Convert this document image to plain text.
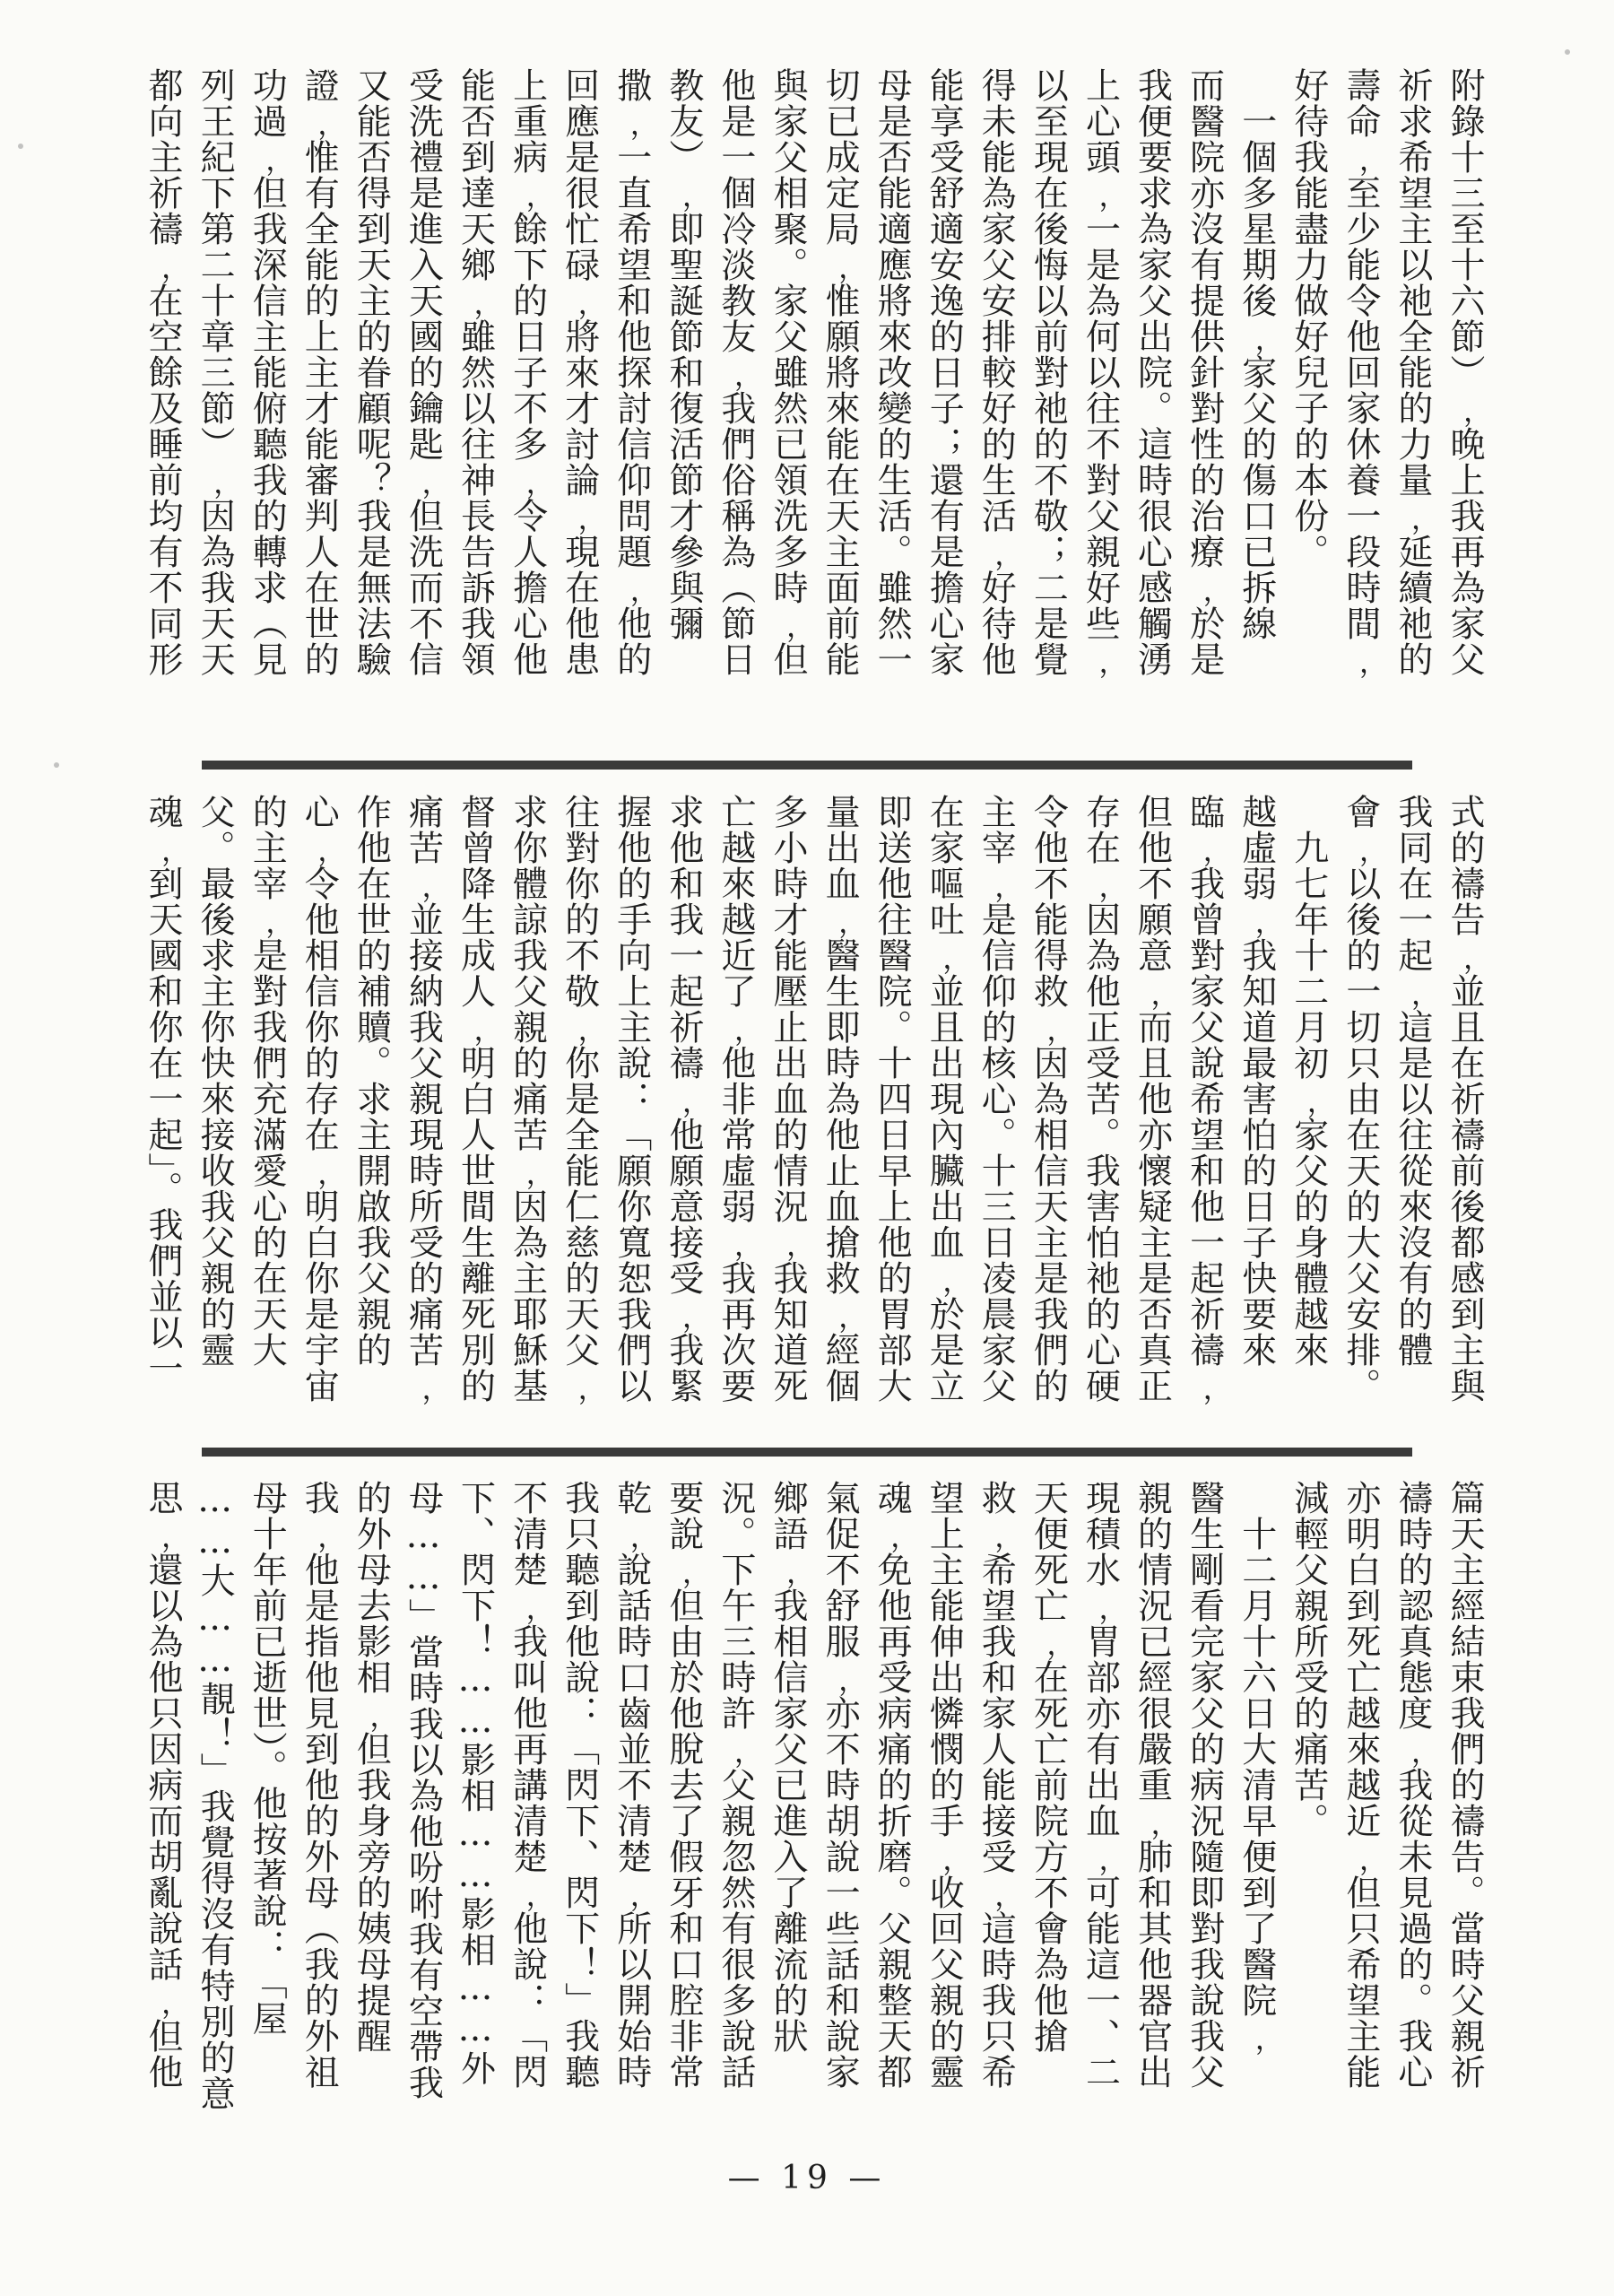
附錄十三至十六節）﹐晚上我再為家父
祈求希望主以祂全能的力量﹐延續祂的
壽命﹐至少能令他回家休養一段時間﹐
好待我能盡力做好兒子的本份。
　一個多星期後﹐家父的傷口已拆線
而醫院亦沒有提供針對性的治療﹐於是
我便要求為家父出院。這時很心感觸湧
上心頭﹐一是為何以往不對父親好些﹐
以至現在後悔以前對祂的不敬；二是覺
得未能為家父安排較好的生活﹐好待他
能享受舒適安逸的日子；還有是擔心家
母是否能適應將來改變的生活。雖然一
切已成定局﹐惟願將來能在天主面前能
與家父相聚。家父雖然已領洗多時﹐但
他是一個冷淡教友﹐我們俗稱為（節日
教友）﹐即聖誕節和復活節才參與彌
撒﹐一直希望和他探討信仰問題﹐他的
回應是很忙碌﹐將來才討論﹐現在他患
上重病﹐餘下的日子不多﹐令人擔心他
能否到達天鄉﹐雖然以往神長告訴我領
受洗禮是進入天國的鑰匙﹐但洗而不信
又能否得到天主的眷顧呢？我是無法驗
證﹐惟有全能的上主才能審判人在世的
功過﹐但我深信主能俯聽我的轉求（見
列王紀下第二十章三節）﹐因為我天天
都向主祈禱﹐在空餘及睡前均有不同形
式的禱告﹐並且在祈禱前後都感到主與
我同在一起﹐這是以往從來沒有的體
會﹐以後的一切只由在天的大父安排。
　九七年十二月初﹐家父的身體越來
越虛弱﹐我知道最害怕的日子快要來
臨﹐我曾對家父說希望和他一起祈禱﹐
但他不願意﹐而且他亦懷疑主是否真正
存在﹐因為他正受苦。我害怕祂的心硬
令他不能得救﹐因為相信天主是我們的
主宰﹐是信仰的核心。十三日凌晨家父
在家嘔吐﹐並且出現內臟出血﹐於是立
即送他往醫院。十四日早上他的胃部大
量出血﹐醫生即時為他止血搶救﹐經個
多小時才能壓止出血的情況﹐我知道死
亡越來越近了﹐他非常虛弱﹐我再次要
求他和我一起祈禱﹐他願意接受﹐我緊
握他的手向上主說：「願你寬恕我們以
往對你的不敬﹐你是全能仁慈的天父﹐
求你體諒我父親的痛苦﹐因為主耶穌基
督曾降生成人﹐明白人世間生離死別的
痛苦﹐並接納我父親現時所受的痛苦﹐
作他在世的補贖。求主開啟我父親的
心﹐令他相信你的存在﹐明白你是宇宙
的主宰﹐是對我們充滿愛心的在天大
父。最後求主你快來接收我父親的靈
魂﹐到天國和你在一起」。我們並以一
篇天主經結束我們的禱告。當時父親祈
禱時的認真態度﹐我從未見過的。我心
亦明白到死亡越來越近﹐但只希望主能
減輕父親所受的痛苦。
　十二月十六日大清早便到了醫院﹐
醫生剛看完家父的病況隨即對我說我父
親的情況已經很嚴重﹐肺和其他器官出
現積水﹐胃部亦有出血﹐可能這一、二
天便死亡﹐在死亡前院方不會為他搶
救﹐希望我和家人能接受﹐這時我只希
望上主能伸出憐憫的手﹐收回父親的靈
魂﹐免他再受病痛的折磨。父親整天都
氣促不舒服﹐亦不時胡說一些話和說家
鄉語﹐我相信家父已進入了離流的狀
況。下午三時許﹐父親忽然有很多說話
要說﹐但由於他脫去了假牙和口腔非常
乾﹐說話時口齒並不清楚﹐所以開始時
我只聽到他說：「閃下、閃下！」我聽
不清楚﹐我叫他再講清楚﹐他說：「閃
下、閃下！……影相……影相……外
母……」當時我以為他吩咐我有空帶我
的外母去影相﹐但我身旁的姨母提醒
我﹐他是指他見到他的外母（我的外祖
母十年前已逝世）。他按著說：「屋
……大……靚！」我覺得沒有特別的意
思﹐還以為他只因病而胡亂說話﹐但他
— 19 —
